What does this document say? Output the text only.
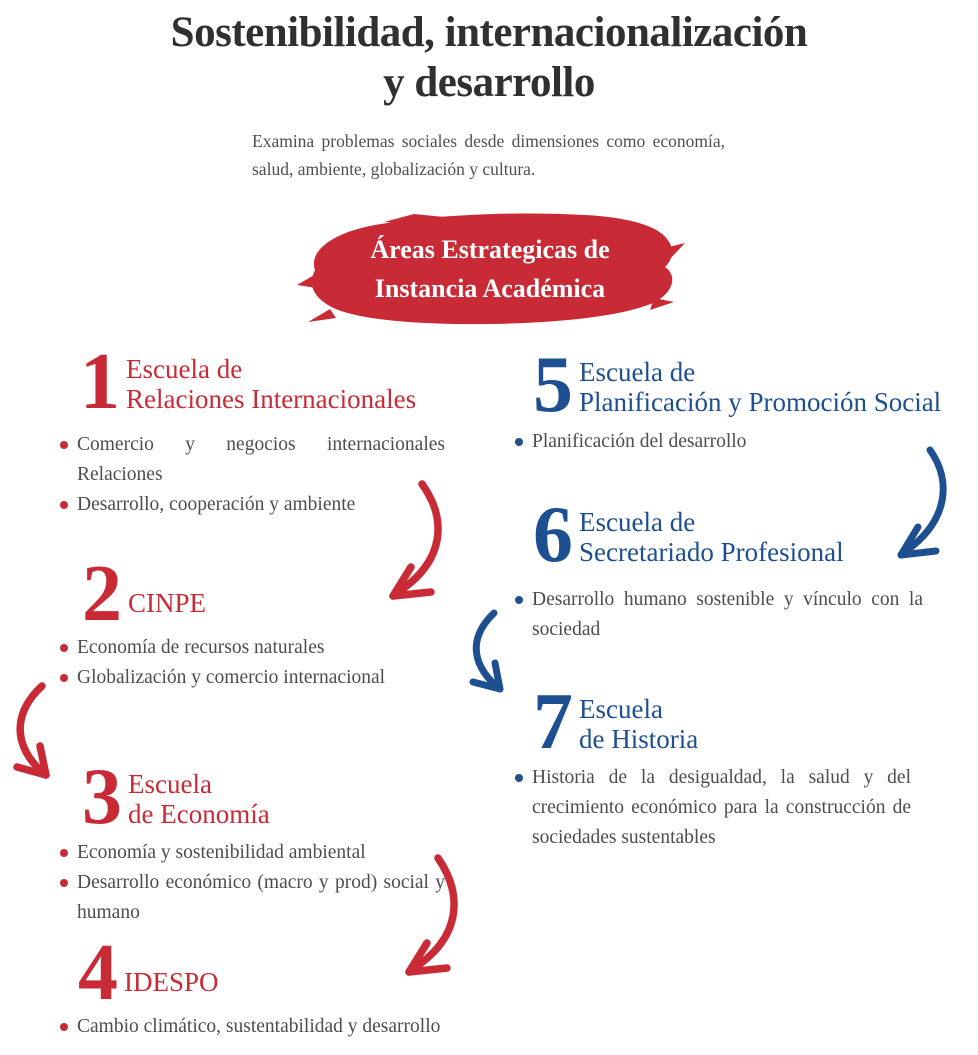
Sostenibilidad, internacionalización
y desarrollo
Examina problemas sociales desde dimensiones como economía, salud, ambiente, globalización y cultura.
Áreas Estrategicas de
Instancia Académica
1 Escuela de
Relaciones Internacionales
Comercio y negocios internacionales Relaciones
Desarrollo, cooperación y ambiente
2 CINPE
Economía de recursos naturales
Globalización y comercio internacional
3 Escuela
de Economía
Economía y sostenibilidad ambiental
Desarrollo económico (macro y prod) social y humano
4 IDESPO
Cambio climático, sustentabilidad y desarrollo
5 Escuela de
Planificación y Promoción Social
Planificación del desarrollo
6 Escuela de
Secretariado Profesional
Desarrollo humano sostenible y vínculo con la sociedad
7 Escuela
de Historia
Historia de la desigualdad, la salud y del crecimiento económico para la construcción de sociedades sustentables
